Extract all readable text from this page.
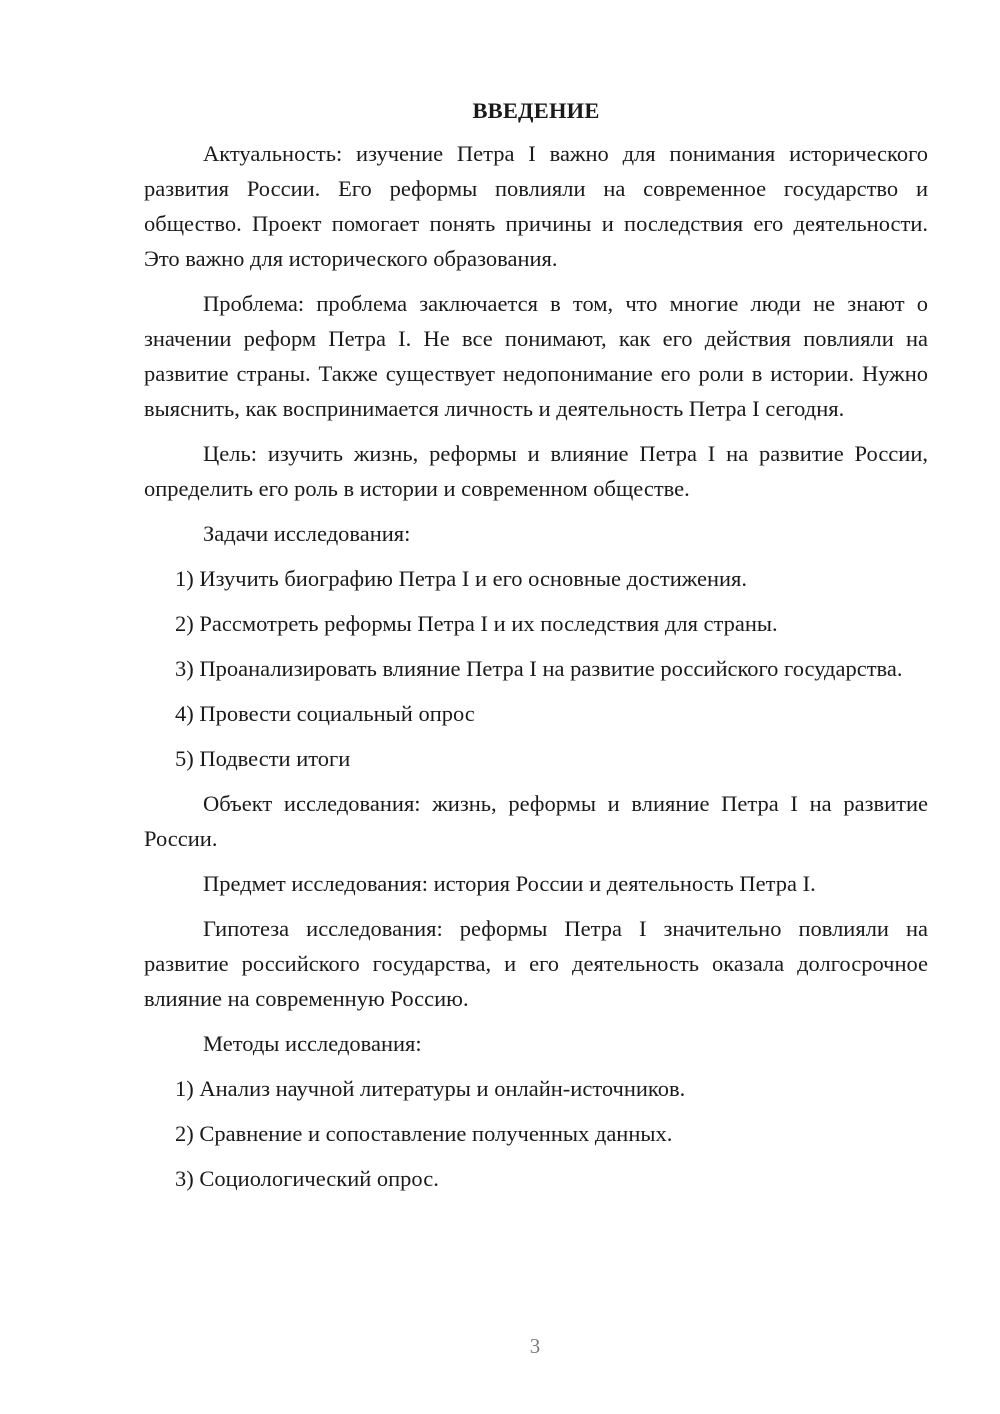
ВВЕДЕНИЕ
Актуальность: изучение Петра I важно для понимания исторического развития России. Его реформы повлияли на современное государство и общество. Проект помогает понять причины и последствия его деятельности. Это важно для исторического образования.
Проблема: проблема заключается в том, что многие люди не знают о значении реформ Петра I. Не все понимают, как его действия повлияли на развитие страны. Также существует недопонимание его роли в истории. Нужно выяснить, как воспринимается личность и деятельность Петра I сегодня.
Цель: изучить жизнь, реформы и влияние Петра I на развитие России, определить его роль в истории и современном обществе.
Задачи исследования:
1) Изучить биографию Петра I и его основные достижения.
2) Рассмотреть реформы Петра I и их последствия для страны.
3) Проанализировать влияние Петра I на развитие российского государства.
4) Провести социальный опрос
5) Подвести итоги
Объект исследования: жизнь, реформы и влияние Петра I на развитие России.
Предмет исследования: история России и деятельность Петра I.
Гипотеза исследования: реформы Петра I значительно повлияли на развитие российского государства, и его деятельность оказала долгосрочное влияние на современную Россию.
Методы исследования:
1) Анализ научной литературы и онлайн-источников.
2) Сравнение и сопоставление полученных данных.
3) Социологический опрос.
3
